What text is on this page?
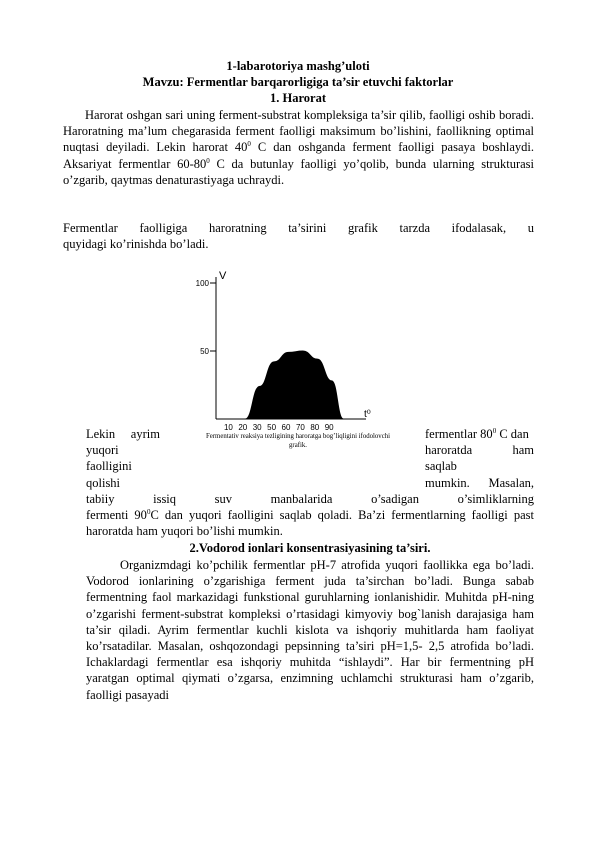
1-labarotoriya mashg’uloti
Mavzu: Fermentlar barqarorligiga ta’sir etuvchi faktorlar
1. Harorat
Harorat oshgan sari uning ferment-substrat kompleksiga ta’sir qilib, faolligi oshib boradi. Haroratning ma’lum chegarasida ferment faolligi maksimum bo’lishini, faollikning optimal nuqtasi deyiladi. Lekin harorat $40^0$ C dan oshganda ferment faolligi pasaya boshlaydi. Aksariyat fermentlar $60-80^0$ C da butunlay faolligi yo’qolib, bunda ularning strukturasi o’zgarib, qaytmas denaturastiyaga uchraydi.
Fermentlar   faolligiga   haroratning   ta’sirini   grafik   tarzda   ifodalasak,   u
quyidagi ko’rinishda bo’ladi.
100
50
V
10 20 30 50 60 70 80 90
t⁰
Fermentativ reaksiya tezligining haroratga bog’liqligini ifodolovchi
grafik.
Lekin     ayrim
yuqori
faolligini
qolishi
fermentlar $80^0$ C dan
haroratda	ham
saqlab
mumkin. Masalan,
tabiiy   issiq   suv   manbalarida   o’sadigan   o’simliklarning
fermenti $90^0C$ dan yuqori faolligini saqlab qoladi. Ba’zi fermentlarning faolligi past haroratda ham yuqori bo’lishi mumkin.
2.Vodorod ionlari konsentrasiyasining ta’siri.
Organizmdagi ko’pchilik fermentlar pH-7 atrofida yuqori faollikka ega bo’ladi. Vodorod ionlarining o’zgarishiga ferment juda ta’sirchan bo’ladi. Bunga sabab fermentning faol markazidagi funkstional guruhlarning ionlanishidir. Muhitda pH-ning o’zgarishi ferment-substrat kompleksi o’rtasidagi kimyoviy bog`lanish darajasiga ham ta’sir qiladi. Ayrim fermentlar kuchli kislota va ishqoriy muhitlarda ham faoliyat ko’rsatadilar. Masalan, oshqozondagi pepsinning ta’siri pH=1,5- 2,5 atrofida bo’ladi. Ichaklardagi fermentlar esa ishqoriy muhitda “ishlaydi”. Har bir fermentning pH yaratgan optimal qiymati o’zgarsa, enzimning uchlamchi strukturasi ham o’zgarib, faolligi pasayadi
